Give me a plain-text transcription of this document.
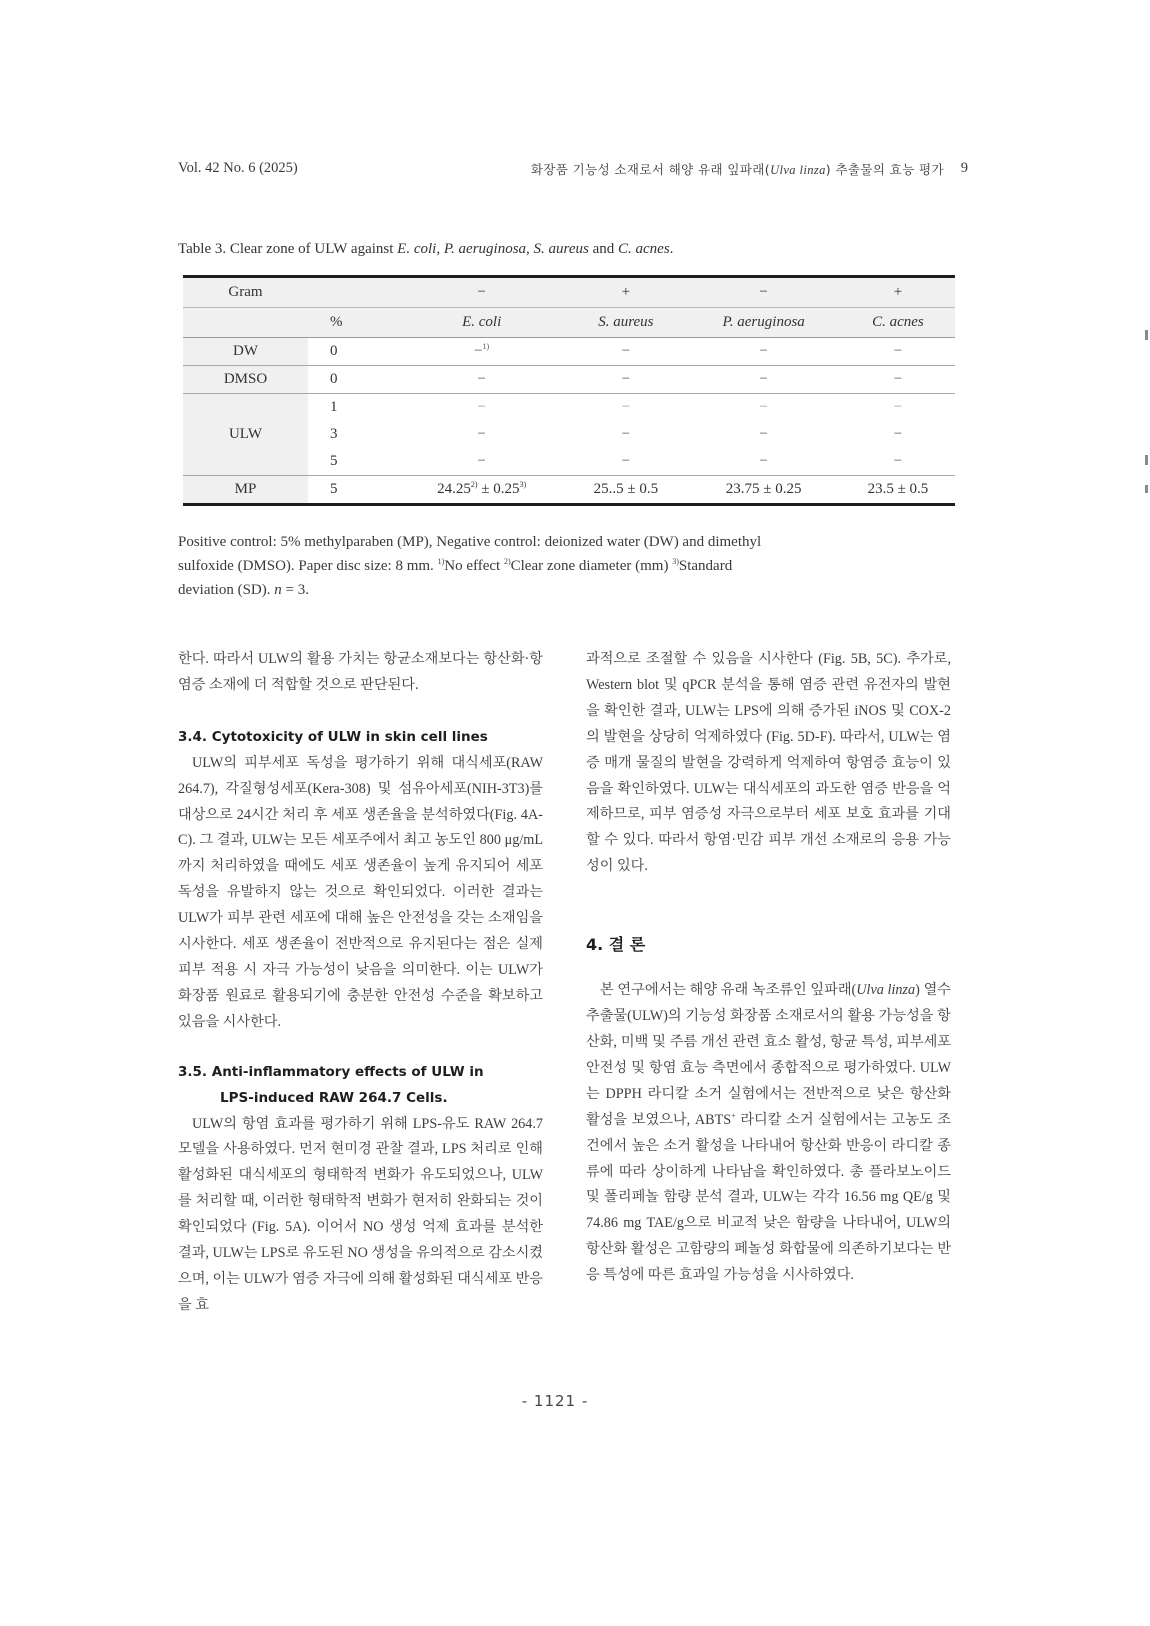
Vol. 42 No. 6 (2025)	화장품 기능성 소재로서 해양 유래 잎파래(Ulva linza) 추출물의 효능 평가 9
Table 3. Clear zone of ULW against E. coli, P. aeruginosa, S. aureus and C. acnes.
Gram		−	+	−	+
	%	E. coli	S. aureus	P. aeruginosa	C. acnes
DW	0	−$^{1)}$	−	−	−
DMSO	0	−	−	−	−
ULW	1	−	−	−	−
	3	−	−	−	−
	5	−	−	−	−
MP	5	$24.25^{2)} \pm 0.25^{3)}$	25..5 ± 0.5	23.75 ± 0.25	23.5 ± 0.5
Positive control: 5% methylparaben (MP), Negative control: deionized water (DW) and dimethyl
sulfoxide (DMSO). Paper disc size: 8 mm. $^{1)}$No effect $^{2)}$Clear zone diameter (mm) $^{3)}$Standard
deviation (SD). n = 3.

한다. 따라서 ULW의 활용 가치는 항균소재보다는 항산화·항염증 소재에 더 적합할 것으로 판단된다.

3.4. Cytotoxicity of ULW in skin cell lines

ULW의 피부세포 독성을 평가하기 위해 대식세포(RAW 264.7), 각질형성세포(Kera-308) 및 섬유아세포(NIH-3T3)를 대상으로 24시간 처리 후 세포 생존율을 분석하였다(Fig. 4A-C). 그 결과, ULW는 모든 세포주에서 최고 농도인 800 μg/mL까지 처리하였을 때에도 세포 생존율이 높게 유지되어 세포 독성을 유발하지 않는 것으로 확인되었다. 이러한 결과는 ULW가 피부 관련 세포에 대해 높은 안전성을 갖는 소재임을 시사한다. 세포 생존율이 전반적으로 유지된다는 점은 실제 피부 적용 시 자극 가능성이 낮음을 의미한다. 이는 ULW가 화장품 원료로 활용되기에 충분한 안전성 수준을 확보하고 있음을 시사한다.

3.5. Anti-inflammatory effects of ULW in
LPS-induced RAW 264.7 Cells.

ULW의 항염 효과를 평가하기 위해 LPS-유도 RAW 264.7 모델을 사용하였다. 먼저 현미경 관찰 결과, LPS 처리로 인해 활성화된 대식세포의 형태학적 변화가 유도되었으나, ULW를 처리할 때, 이러한 형태학적 변화가 현저히 완화되는 것이 확인되었다 (Fig. 5A). 이어서 NO 생성 억제 효과를 분석한 결과, ULW는 LPS로 유도된 NO 생성을 유의적으로 감소시켰으며, 이는 ULW가 염증 자극에 의해 활성화된 대식세포 반응을 효

과적으로 조절할 수 있음을 시사한다 (Fig. 5B, 5C). 추가로, Western blot 및 qPCR 분석을 통해 염증 관련 유전자의 발현을 확인한 결과, ULW는 LPS에 의해 증가된 iNOS 및 COX-2의 발현을 상당히 억제하였다 (Fig. 5D-F). 따라서, ULW는 염증 매개 물질의 발현을 강력하게 억제하여 항염증 효능이 있음을 확인하였다. ULW는 대식세포의 과도한 염증 반응을 억제하므로, 피부 염증성 자극으로부터 세포 보호 효과를 기대할 수 있다. 따라서 항염·민감 피부 개선 소재로의 응용 가능성이 있다.

4. 결 론

본 연구에서는 해양 유래 녹조류인 잎파래(Ulva linza) 열수 추출물(ULW)의 기능성 화장품 소재로서의 활용 가능성을 항산화, 미백 및 주름 개선 관련 효소 활성, 항균 특성, 피부세포 안전성 및 항염 효능 측면에서 종합적으로 평가하였다. ULW는 DPPH 라디칼 소거 실험에서는 전반적으로 낮은 항산화 활성을 보였으나, ABTS+ 라디칼 소거 실험에서는 고농도 조건에서 높은 소거 활성을 나타내어 항산화 반응이 라디칼 종류에 따라 상이하게 나타남을 확인하였다. 총 플라보노이드 및 폴리페놀 함량 분석 결과, ULW는 각각 16.56 mg QE/g 및 74.86 mg TAE/g으로 비교적 낮은 함량을 나타내어, ULW의 항산화 활성은 고함량의 페놀성 화합물에 의존하기보다는 반응 특성에 따른 효과일 가능성을 시사하였다.

- 1121 -
